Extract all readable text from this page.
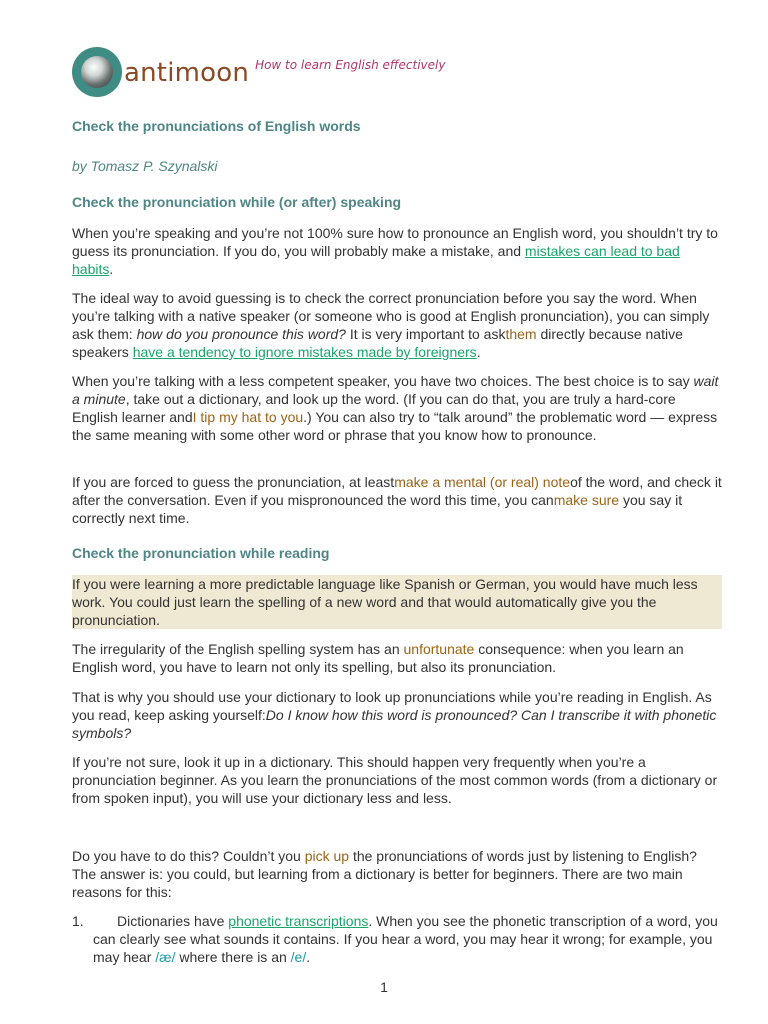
antimoon How to learn English effectively
Check the pronunciations of English words
by Tomasz P. Szynalski
Check the pronunciation while (or after) speaking

When you’re speaking and you’re not 100% sure how to pronounce an English word, you shouldn’t try to guess its pronunciation. If you do, you will probably make a mistake, and mistakes can lead to bad habits.

The ideal way to avoid guessing is to check the correct pronunciation before you say the word. When you’re talking with a native speaker (or someone who is good at English pronunciation), you can simply ask them: how do you pronounce this word? It is very important to askthem directly because native speakers have a tendency to ignore mistakes made by foreigners.

When you’re talking with a less competent speaker, you have two choices. The best choice is to say wait a minute, take out a dictionary, and look up the word. (If you can do that, you are truly a hard-core English learner andI tip my hat to you.) You can also try to “talk around” the problematic word — express the same meaning with some other word or phrase that you know how to pronounce.

If you are forced to guess the pronunciation, at leastmake a mental (or real) noteof the word, and check it after the conversation. Even if you mispronounced the word this time, you canmake sure you say it correctly next time.

Check the pronunciation while reading

If you were learning a more predictable language like Spanish or German, you would have much less work. You could just learn the spelling of a new word and that would automatically give you the pronunciation.

The irregularity of the English spelling system has an unfortunate consequence: when you learn an English word, you have to learn not only its spelling, but also its pronunciation.

That is why you should use your dictionary to look up pronunciations while you’re reading in English. As you read, keep asking yourself:Do I know how this word is pronounced? Can I transcribe it with phonetic symbols?

If you’re not sure, look it up in a dictionary. This should happen very frequently when you’re a pronunciation beginner. As you learn the pronunciations of the most common words (from a dictionary or from spoken input), you will use your dictionary less and less.

Do you have to do this? Couldn’t you pick up the pronunciations of words just by listening to English? The answer is: you could, but learning from a dictionary is better for beginners. There are two main reasons for this:

1. Dictionaries have phonetic transcriptions. When you see the phonetic transcription of a word, you can clearly see what sounds it contains. If you hear a word, you may hear it wrong; for example, you may hear /æ/ where there is an /e/.
1
